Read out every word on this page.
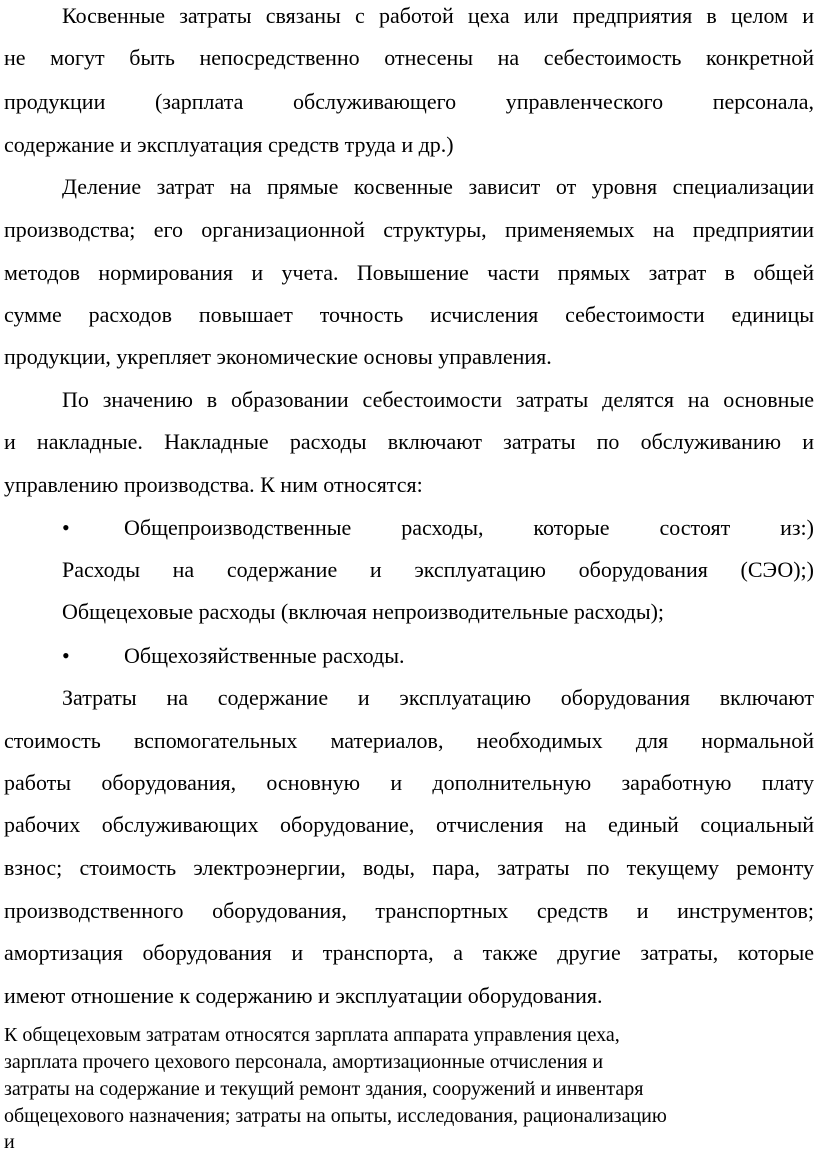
Косвенные затраты связаны с работой цеха или предприятия в целом и
не могут быть непосредственно отнесены на себестоимость конкретной
продукции (зарплата обслуживающего управленческого персонала,
содержание и эксплуатация средств труда и др.)
Деление затрат на прямые косвенные зависит от уровня специализации
производства; его организационной структуры, применяемых на предприятии
методов нормирования и учета. Повышение части прямых затрат в общей
сумме расходов повышает точность исчисления себестоимости единицы
продукции, укрепляет экономические основы управления.
По значению в образовании себестоимости затраты делятся на основные
и накладные. Накладные расходы включают затраты по обслуживанию и
управлению производства. К ним относятся:
• Общепроизводственные расходы, которые состоят из:)
Расходы на содержание и эксплуатацию оборудования (СЭО);)
Общецеховые расходы (включая непроизводительные расходы);
• Общехозяйственные расходы.
Затраты на содержание и эксплуатацию оборудования включают
стоимость вспомогательных материалов, необходимых для нормальной
работы оборудования, основную и дополнительную заработную плату
рабочих обслуживающих оборудование, отчисления на единый социальный
взнос; стоимость электроэнергии, воды, пара, затраты по текущему ремонту
производственного оборудования, транспортных средств и инструментов;
амортизация оборудования и транспорта, а также другие затраты, которые
имеют отношение к содержанию и эксплуатации оборудования.
К общецеховым затратам относятся зарплата аппарата управления цеха,
зарплата прочего цехового персонала, амортизационные отчисления и
затраты на содержание и текущий ремонт здания, сооружений и инвентаря
общецехового назначения; затраты на опыты, исследования, рационализацию
и
